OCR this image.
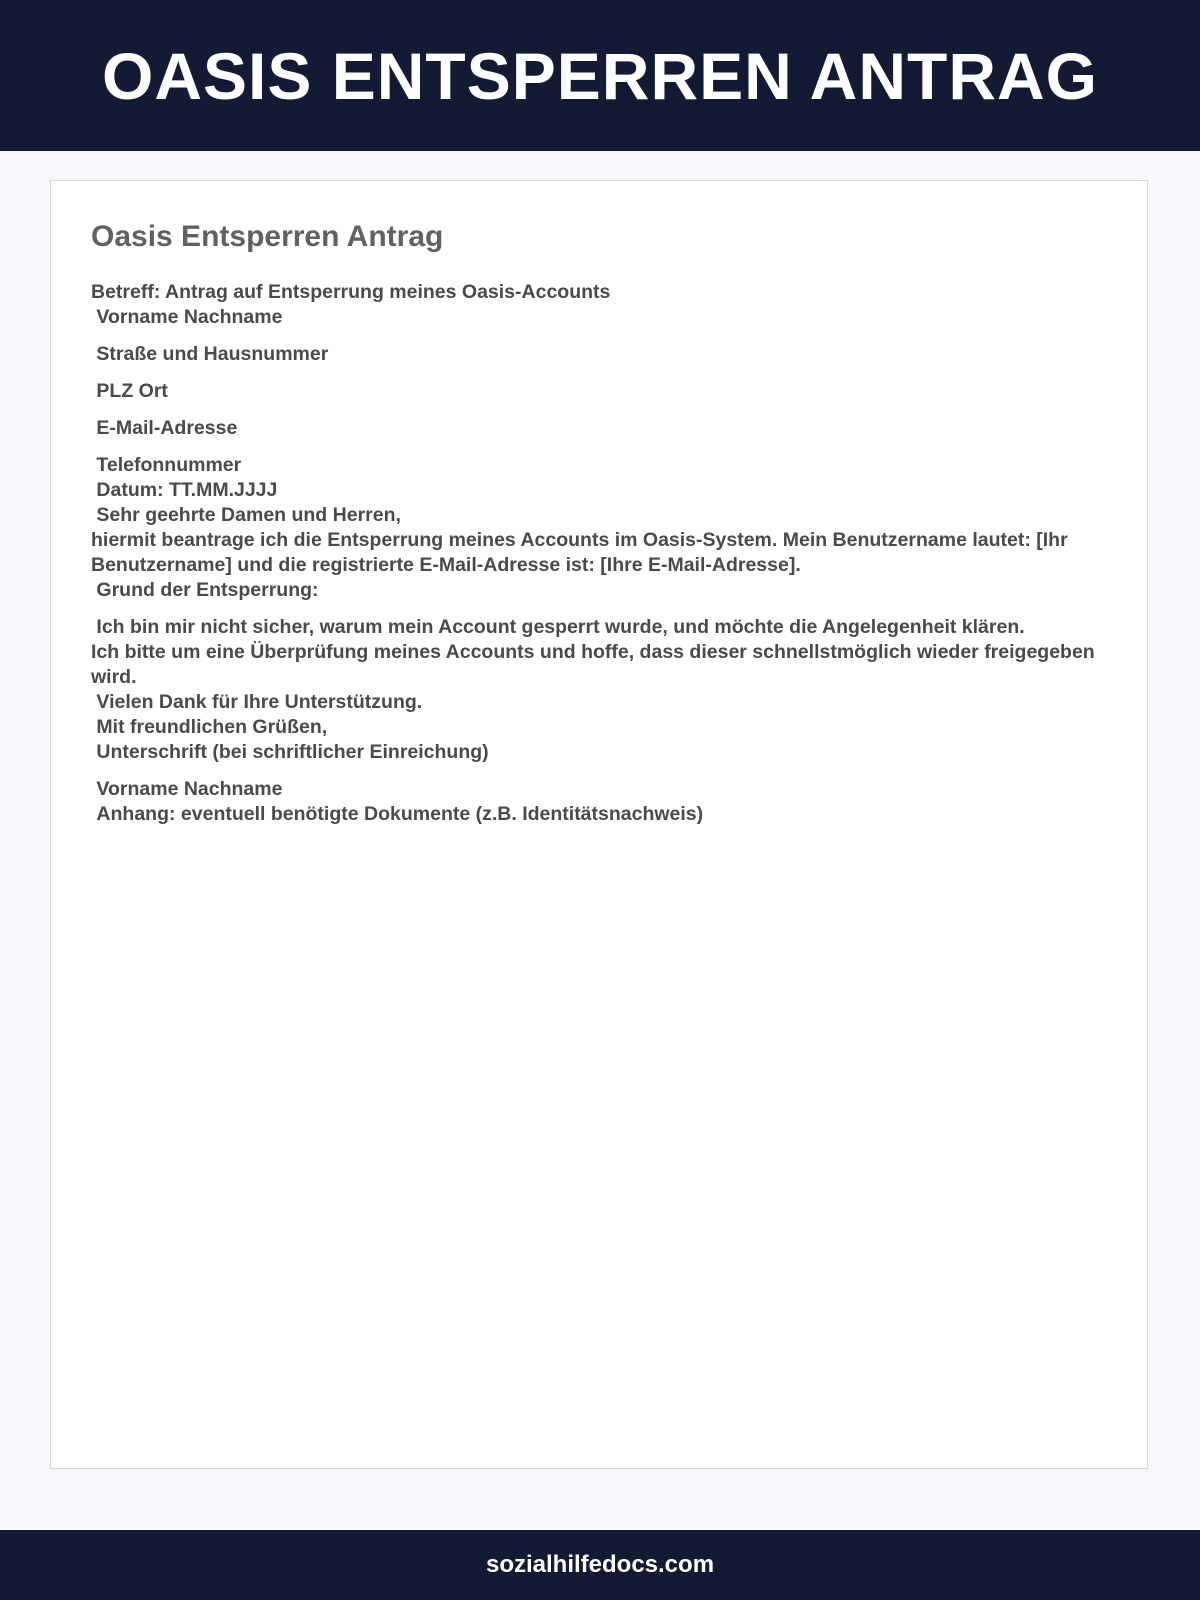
OASIS ENTSPERREN ANTRAG
Oasis Entsperren Antrag
Betreff: Antrag auf Entsperrung meines Oasis-Accounts
Vorname Nachname
Straße und Hausnummer
PLZ Ort
E-Mail-Adresse
Telefonnummer
Datum: TT.MM.JJJJ
Sehr geehrte Damen und Herren,
hiermit beantrage ich die Entsperrung meines Accounts im Oasis-System. Mein Benutzername lautet: [Ihr Benutzername] und die registrierte E-Mail-Adresse ist: [Ihre E-Mail-Adresse].
Grund der Entsperrung:
Ich bin mir nicht sicher, warum mein Account gesperrt wurde, und möchte die Angelegenheit klären.
Ich bitte um eine Überprüfung meines Accounts und hoffe, dass dieser schnellstmöglich wieder freigegeben wird.
Vielen Dank für Ihre Unterstützung.
Mit freundlichen Grüßen,
Unterschrift (bei schriftlicher Einreichung)
Vorname Nachname
Anhang: eventuell benötigte Dokumente (z.B. Identitätsnachweis)
sozialhilfedocs.com
